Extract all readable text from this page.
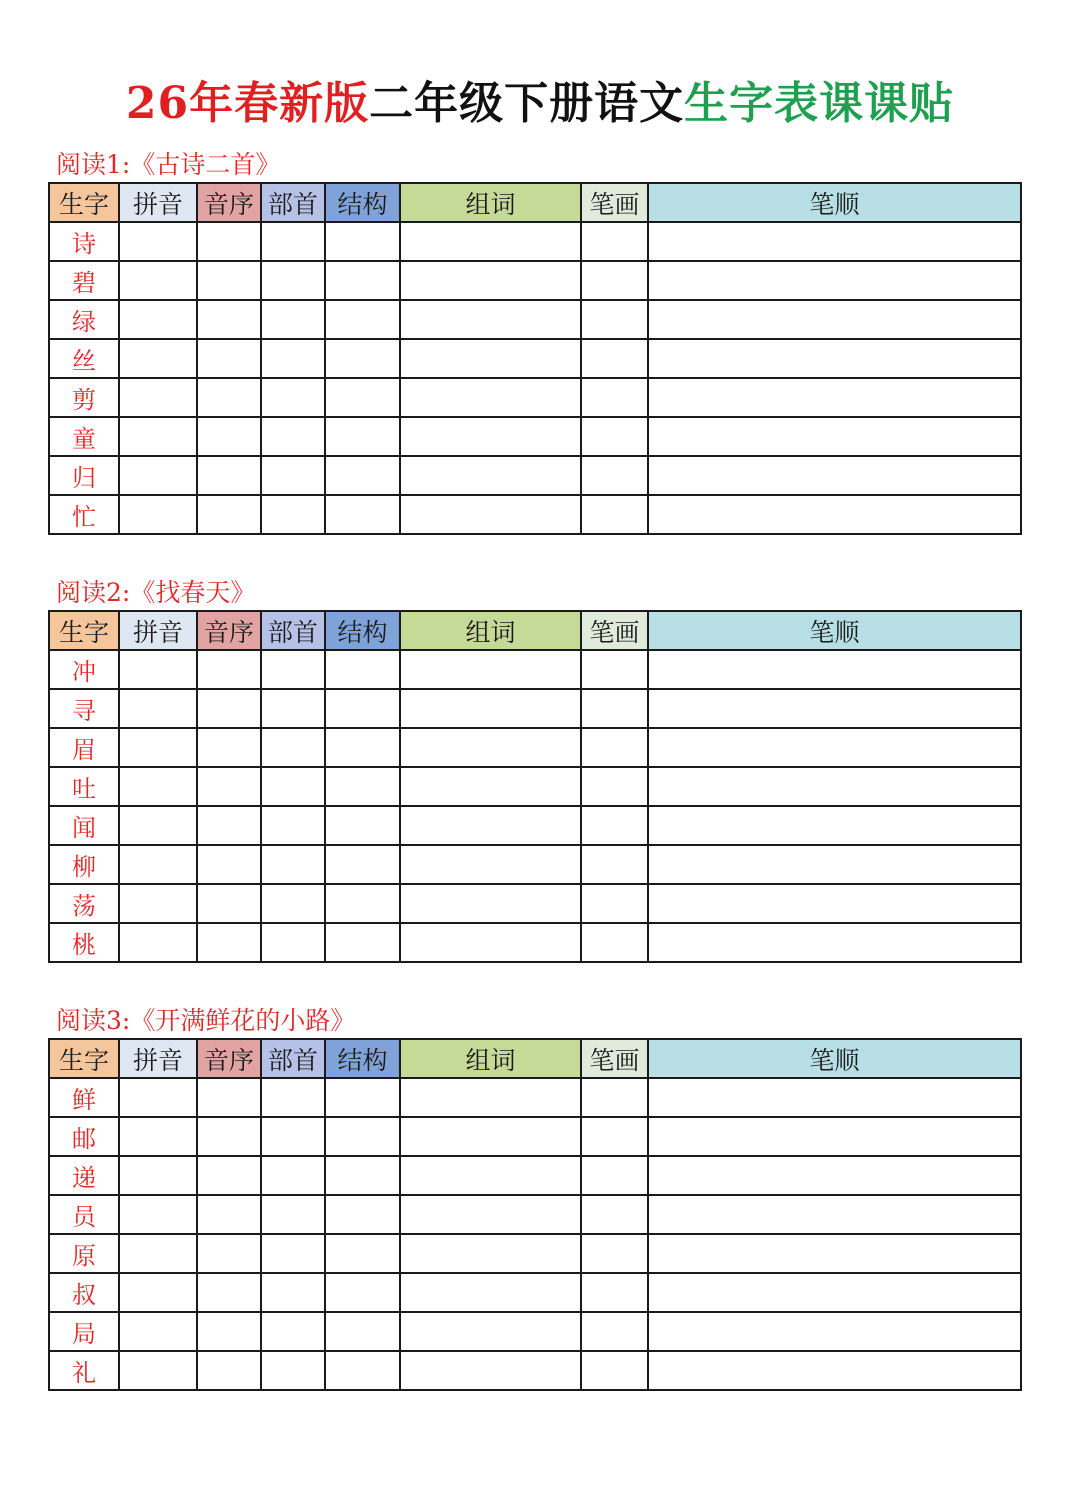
26年春新版二年级下册语文生字表课课贴
阅读1:《古诗二首》
生字	拼音	音序	部首	结构	组词	笔画	笔顺
诗							
碧							
绿							
丝							
剪							
童							
归							
忙							
阅读2:《找春天》
生字	拼音	音序	部首	结构	组词	笔画	笔顺
冲							
寻							
眉							
吐							
闻							
柳							
荡							
桃							
阅读3:《开满鲜花的小路》
生字	拼音	音序	部首	结构	组词	笔画	笔顺
鲜							
邮							
递							
员							
原							
叔							
局							
礼							
